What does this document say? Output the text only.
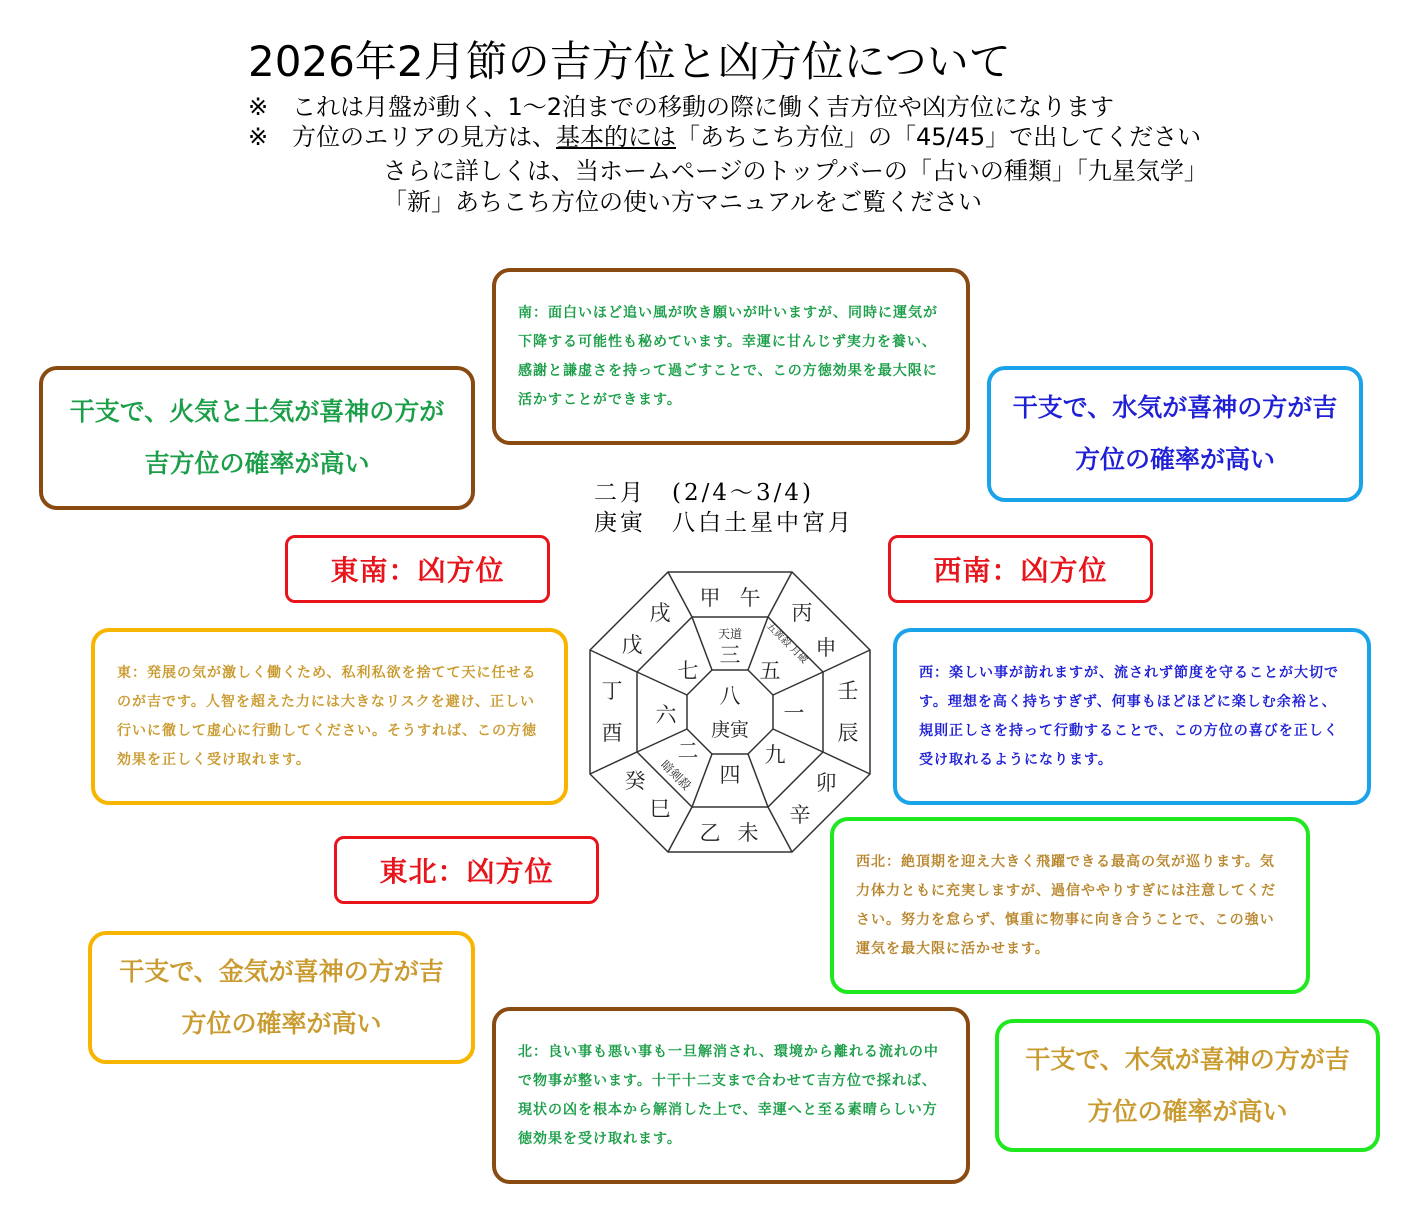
2026年2月節の吉方位と凶方位について
※ これは月盤が動く、1～2泊までの移動の際に働く吉方位や凶方位になります
※ 方位のエリアの見方は、基本的には「あちこち方位」の「45/45」で出してください
さらに詳しくは、当ホームページのトップバーの「占いの種類」「九星気学」
「新」あちこち方位の使い方マニュアルをご覧ください
南：面白いほど追い風が吹き願いが叶いますが、同時に運気が下降する可能性も秘めています。幸運に甘んじず実力を養い、感謝と謙虚さを持って過ごすことで、この方徳効果を最大限に活かすことができます。
東：発展の気が激しく働くため、私利私欲を捨てて天に任せるのが吉です。人智を超えた力には大きなリスクを避け、正しい行いに徹して虚心に行動してください。そうすれば、この方徳効果を正しく受け取れます。
西：楽しい事が訪れますが、流されず節度を守ることが大切です。理想を高く持ちすぎず、何事もほどほどに楽しむ余裕と、規則正しさを持って行動することで、この方位の喜びを正しく受け取れるようになります。
西北：絶頂期を迎え大きく飛躍できる最高の気が巡ります。気力体力ともに充実しますが、過信ややりすぎには注意してください。努力を怠らず、慎重に物事に向き合うことで、この強い運気を最大限に活かせます。
北：良い事も悪い事も一旦解消され、環境から離れる流れの中で物事が整います。十干十二支まで合わせて吉方位で採れば、現状の凶を根本から解消した上で、幸運へと至る素晴らしい方徳効果を受け取れます。
干支で、火気と土気が喜神の方が吉方位の確率が高い
干支で、水気が喜神の方が吉方位の確率が高い
干支で、金気が喜神の方が吉方位の確率が高い
干支で、木気が喜神の方が吉方位の確率が高い
東南：凶方位	西南：凶方位
東北：凶方位
二月　(2/4～3/4)
庚寅　八白土星中宮月
八
庚寅
三
五
一
九
四
二
六
七
天道 五黄殺 月破
暗剣殺
甲 午
丙
申
壬
辰
卯
辛
乙 未
癸
巳
丁
酉
戌
戊
